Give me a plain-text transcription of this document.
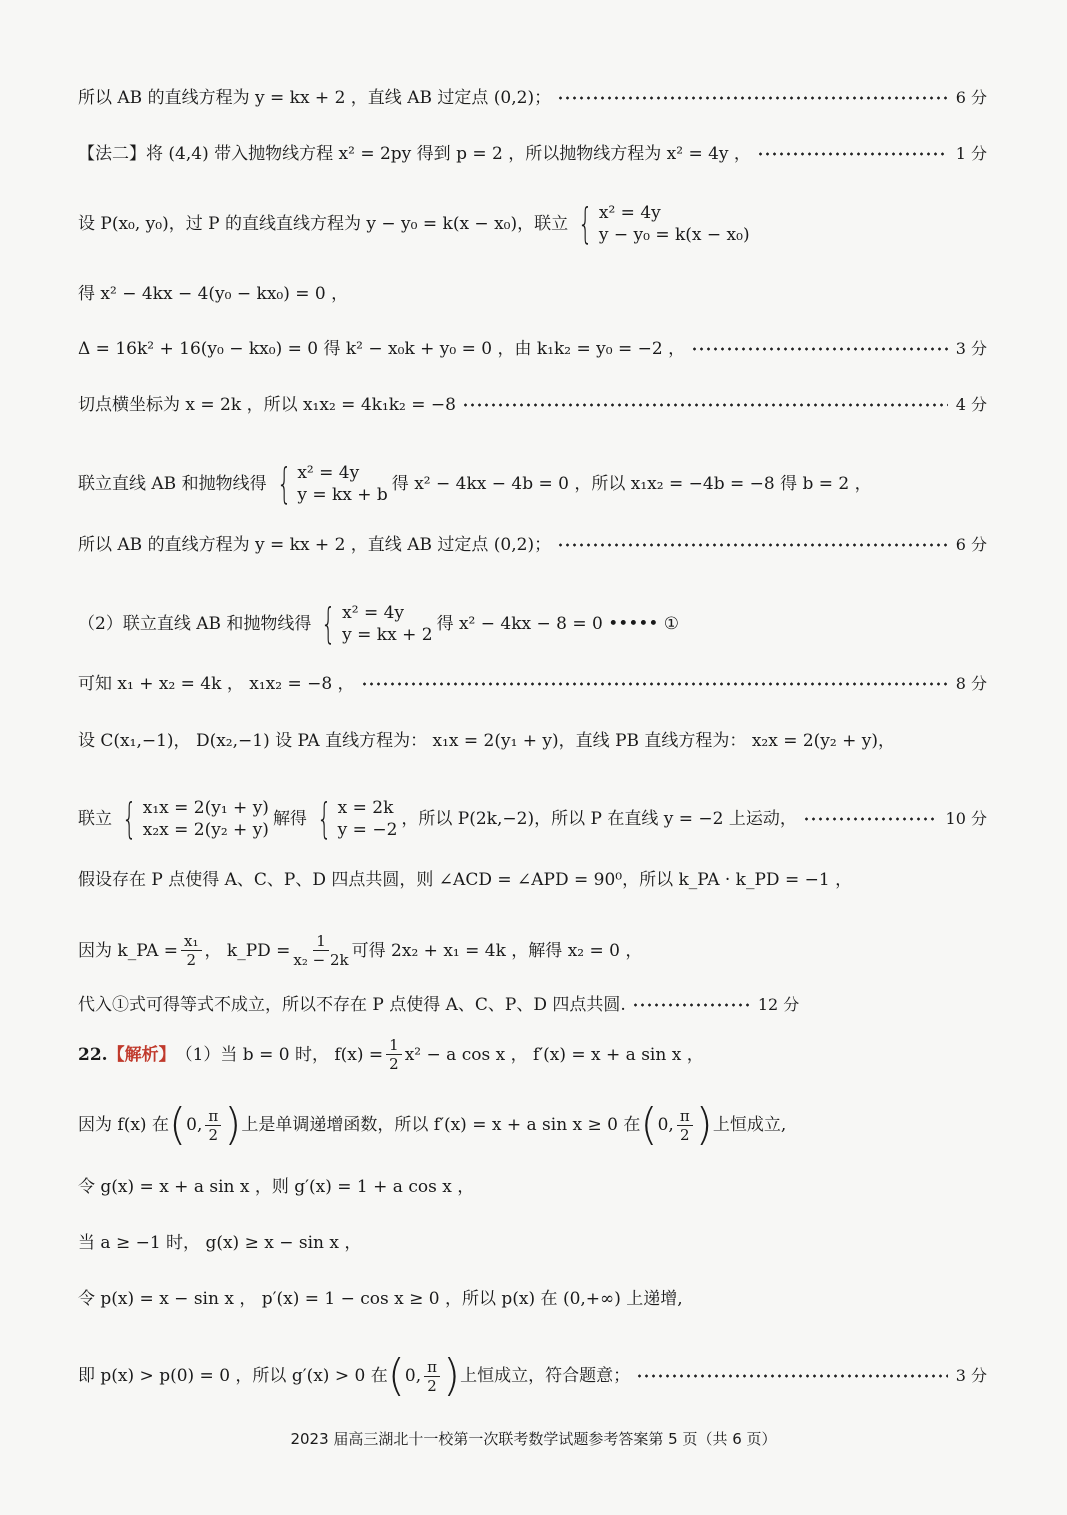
所以 AB 的直线方程为 y = kx + 2 ，直线 AB 过定点 (0,2)；	6 分
【法二】将 (4,4) 带入抛物线方程 x² = 2py 得到 p = 2 ，所以抛物线方程为 x² = 4y ，	1 分
设 P(x₀, y₀)，过 P 的直线直线方程为 y − y₀ = k(x − x₀)，联立 { x² = 4y
y − y₀ = k(x − x₀)
得 x² − 4kx − 4(y₀ − kx₀) = 0 ，
Δ = 16k² + 16(y₀ − kx₀) = 0 得 k² − x₀k + y₀ = 0 ，由 k₁k₂ = y₀ = −2 ，	3 分
切点横坐标为 x = 2k ，所以 x₁x₂ = 4k₁k₂ = −8	4 分
联立直线 AB 和抛物线得 { x² = 4y
y = kx + b
得 x² − 4kx − 4b = 0 ，所以 x₁x₂ = −4b = −8 得 b = 2 ，
所以 AB 的直线方程为 y = kx + 2 ，直线 AB 过定点 (0,2)；	6 分
（2）联立直线 AB 和抛物线得 { x² = 4y
y = kx + 2
得 x² − 4kx − 8 = 0 ••••• ①
可知 x₁ + x₂ = 4k ， x₁x₂ = −8 ，	8 分
设 C(x₁,−1)， D(x₂,−1) 设 PA 直线方程为： x₁x = 2(y₁ + y)，直线 PB 直线方程为： x₂x = 2(y₂ + y)，
联立 { x₁x = 2(y₁ + y)
x₂x = 2(y₂ + y)
解得 { x = 2k
y = −2
，所以 P(2k,−2)，所以 P 在直线 y = −2 上运动，	10 分
假设存在 P 点使得 A、C、P、D 四点共圆，则 ∠ACD = ∠APD = 90⁰，所以 k_PA · k_PD = −1 ，
因为 k_PA = $\frac{\text{x₁}}{2}$ ， k_PD = $\frac{1}{\text{x₂ − 2k}}$ 可得 2x₂ + x₁ = 4k ，解得 x₂ = 0 ，
代入①式可得等式不成立，所以不存在 P 点使得 A、C、P、D 四点共圆.	12 分
22. 【解析】 （1）当 b = 0 时， $f(x) = \frac{1}{2} x^2 - a$ cos x ， f′(x) = x + a sin x ，
因为 f(x) 在 ( 0, $\frac{\pi}{2}$ ) 上是单调递增函数，所以 f′(x) = x + a sin x ≥ 0 在 ( 0, $\frac{\pi}{2}$ ) 上恒成立,
令 g(x) = x + a sin x ，则 g′(x) = 1 + a cos x ，
当 a ≥ −1 时， g(x) ≥ x − sin x ，
令 p(x) = x − sin x ， p′(x) = 1 − cos x ≥ 0 ，所以 p(x) 在 (0,+∞) 上递增,
即 p(x) > p(0) = 0 ，所以 g′(x) > 0 在 ( 0, $\frac{\pi}{2}$ ) 上恒成立，符合题意；	3 分
2023 届高三湖北十一校第一次联考数学试题参考答案第 5 页（共 6 页）
